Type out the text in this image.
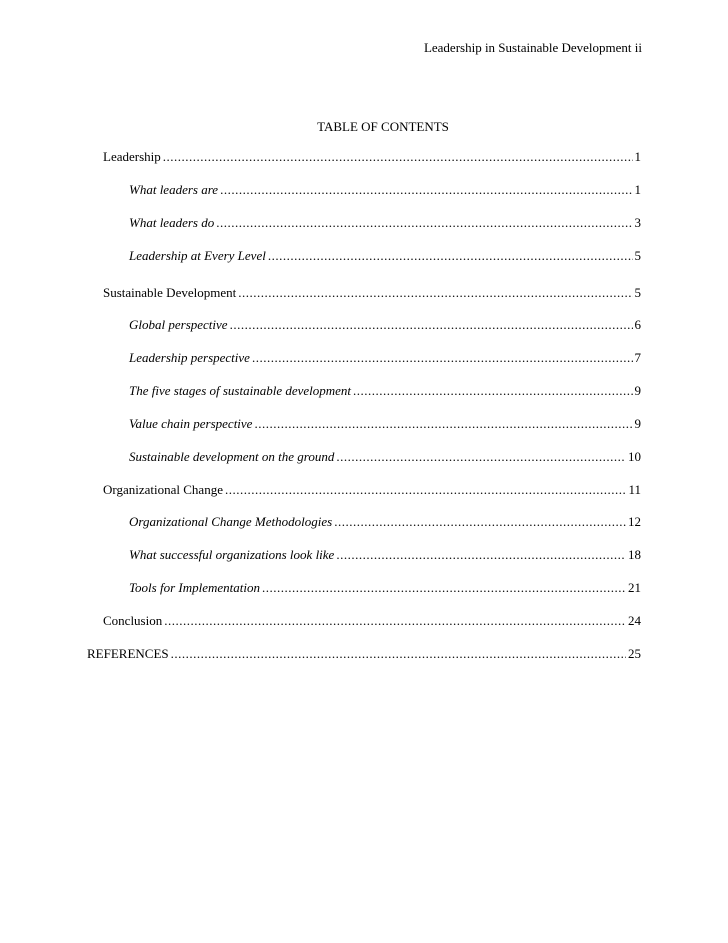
Leadership in Sustainable Development ii
TABLE OF CONTENTS
Leadership .....	1
What leaders are .....	1
What leaders do .....	3
Leadership at Every Level .....	5
Sustainable Development .....	5
Global perspective .....	6
Leadership perspective .....	7
The five stages of sustainable development .....	9
Value chain perspective .....	9
Sustainable development on the ground .....	10
Organizational Change .....	11
Organizational Change Methodologies .....	12
What successful organizations look like .....	18
Tools for Implementation .....	21
Conclusion .....	24
REFERENCES .....	25
